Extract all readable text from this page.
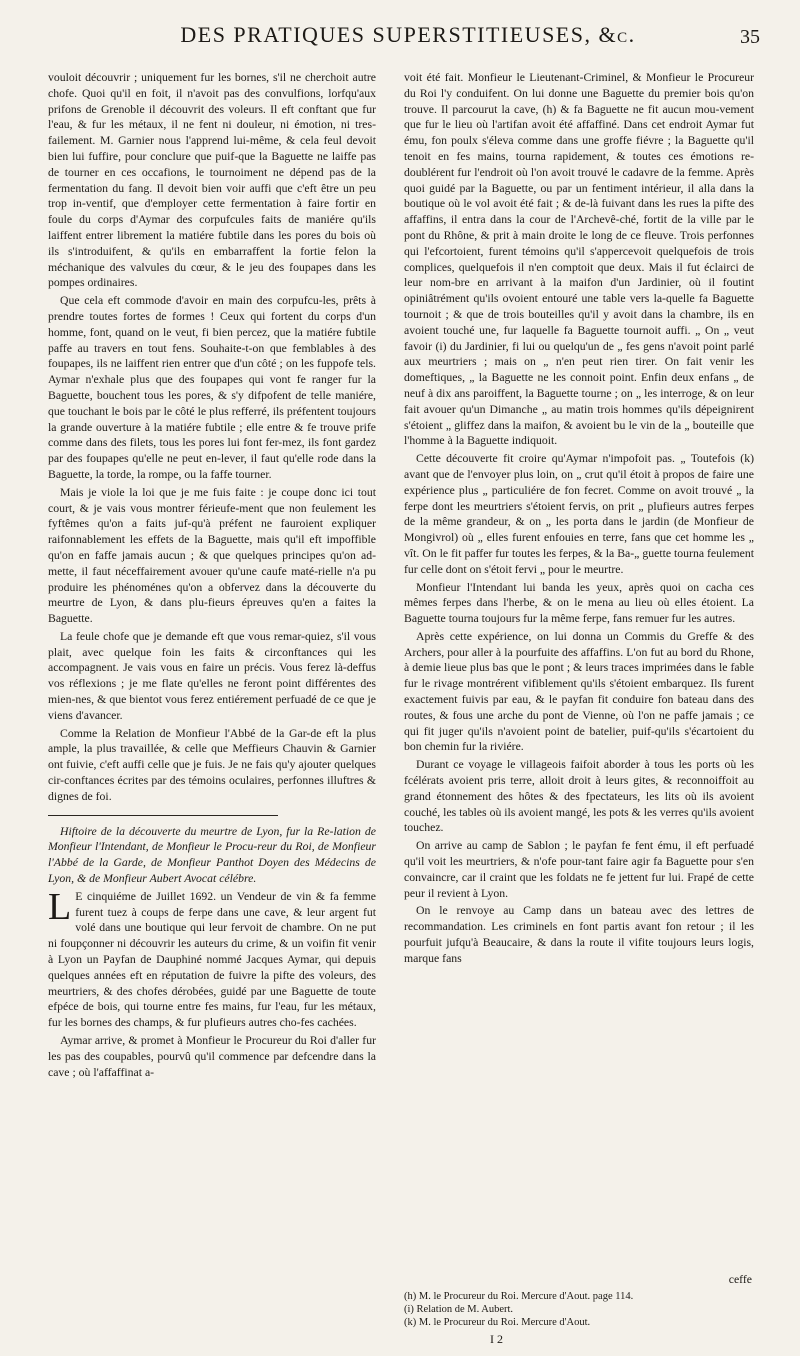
DES PRATIQUES SUPERSTITIEUSES, &c.	35

vouloit découvrir ; uniquement fur les bornes, s'il ne cherchoit autre chofe. Quoi qu'il en foit, il n'avoit pas des convulfions, lorfqu'aux prifons de Grenoble il découvrit des voleurs. Il eft conftant que fur l'eau, & fur les métaux, il ne fent ni douleur, ni émotion, ni tres-failement. M. Garnier nous l'apprend lui-même, & cela feul devoit bien lui fuffire, pour conclure que puif-que la Baguette ne laiffe pas de tourner en ces occafions, le tournoiment ne dépend pas de la fermentation du fang. Il devoit bien voir auffi que c'eft être un peu trop in-ventif, que d'employer cette fermentation à faire fortir en foule du corps d'Aymar des corpufcules faits de maniére qu'ils laiffent entrer librement la matiére fubtile dans les pores du bois où ils s'introduifent, & qu'ils en embarraffent la fortie felon la méchanique des valvules du cœur, & le jeu des foupapes dans les pompes ordinaires.

Que cela eft commode d'avoir en main des corpufcu-les, prêts à prendre toutes fortes de formes ! Ceux qui fortent du corps d'un homme, font, quand on le veut, fi bien percez, que la matiére fubtile paffe au travers en tout fens. Souhaite-t-on que femblables à des foupapes, ils ne laiffent rien entrer que d'un côté ; on les fuppofe tels. Aymar n'exhale plus que des foupapes qui vont fe ranger fur la Baguette, bouchent tous les pores, & s'y difpofent de telle maniére, que touchant le bois par le côté le plus refferré, ils préfentent toujours la grande ouverture à la matiére fubtile ; elle entre & fe trouve prife comme dans des filets, tous les pores lui font fer-mez, ils font gardez par des foupapes qu'elle ne peut en-lever, il faut qu'elle rode dans la Baguette, la torde, la rompe, ou la faffe tourner.

Mais je viole la loi que je me fuis faite : je coupe donc ici tout court, & je vais vous montrer férieufe-ment que non feulement les fyftêmes qu'on a faits juf-qu'à préfent ne fauroient expliquer raifonnablement les effets de la Baguette, mais qu'il eft impoffible qu'on en faffe jamais aucun ; & que quelques principes qu'on ad-mette, il faut néceffairement avouer qu'une caufe maté-rielle n'a pu produire les phénoménes qu'on a obfervez dans la découverte du meurtre de Lyon, & dans plu-fieurs épreuves qu'en a faites la Baguette.

La feule chofe que je demande eft que vous remar-quiez, s'il vous plait, avec quelque foin les faits & circonftances qui les accompagnent. Je vais vous en faire un précis. Vous ferez là-deffus vos réflexions ; je me flate qu'elles ne feront point différentes des mien-nes, & que bientot vous ferez entiérement perfuadé de ce que je viens d'avancer.

Comme la Relation de Monfieur l'Abbé de la Gar-de eft la plus ample, la plus travaillée, & celle que Meffieurs Chauvin & Garnier ont fuivie, c'eft auffi celle que je fuis. Je ne fais qu'y ajouter quelques cir-conftances écrites par des témoins oculaires, perfonnes illuftres & dignes de foi.

Hiftoire de la découverte du meurtre de Lyon, fur la Re-lation de Monfieur l'Intendant, de Monfieur le Procu-reur du Roi, de Monfieur l'Abbé de la Garde, de Monfieur Panthot Doyen des Médecins de Lyon, & de Monfieur Aubert Avocat célébre.

L E cinquiéme de Juillet 1692. un Vendeur de vin & fa femme furent tuez à coups de ferpe dans une cave, & leur argent fut volé dans une boutique qui leur fervoit de chambre. On ne put ni foupçonner ni découvrir les auteurs du crime, & un voifin fit venir à Lyon un Payfan de Dauphiné nommé Jacques Aymar, qui depuis quelques années eft en réputation de fuivre la pifte des voleurs, des meurtriers, & des chofes dérobées, guidé par une Baguette de toute efpéce de bois, qui tourne entre fes mains, fur l'eau, fur les métaux, fur les bornes des champs, & fur plufieurs autres cho-fes cachées.

Aymar arrive, & promet à Monfieur le Procureur du Roi d'aller fur les pas des coupables, pourvû qu'il commence par defcendre dans la cave ; où l'affaffinat a-

voit été fait. Monfieur le Lieutenant-Criminel, & Monfieur le Procureur du Roi l'y conduifent. On lui donne une Baguette du premier bois qu'on trouve. Il parcourut la cave, (h) & fa Baguette ne fit aucun mou-vement que fur le lieu où l'artifan avoit été affaffiné. Dans cet endroit Aymar fut ému, fon poulx s'éleva comme dans une groffe fiévre ; la Baguette qu'il tenoit en fes mains, tourna rapidement, & toutes ces émotions re-doublérent fur l'endroit où l'on avoit trouvé le cadavre de la femme. Après quoi guidé par la Baguette, ou par un fentiment intérieur, il alla dans la boutique où le vol avoit été fait ; & de-là fuivant dans les rues la pifte des affaffins, il entra dans la cour de l'Archevê-ché, fortit de la ville par le pont du Rhône, & prit à main droite le long de ce fleuve. Trois perfonnes qui l'efcortoient, furent témoins qu'il s'appercevoit quelquefois de trois complices, quelquefois il n'en comptoit que deux. Mais il fut éclairci de leur nom-bre en arrivant à la maifon d'un Jardinier, où il foutint opiniâtrément qu'ils ovoient entouré une table vers la-quelle fa Baguette tournoit ; & que de trois bouteilles qu'il y avoit dans la chambre, ils en avoient touché une, fur laquelle fa Baguette tournoit auffi. „ On „ veut favoir (i) du Jardinier, fi lui ou quelqu'un de „ fes gens n'avoit point parlé aux meurtriers ; mais on „ n'en peut rien tirer. On fait venir les domeftiques, „ la Baguette ne les connoit point. Enfin deux enfans „ de neuf à dix ans paroiffent, la Baguette tourne ; on „ les interroge, & on leur fait avouer qu'un Dimanche „ au matin trois hommes qu'ils dépeignirent s'étoient „ gliffez dans la maifon, & avoient bu le vin de la „ bouteille que l'homme à la Baguette indiquoit.

Cette découverte fit croire qu'Aymar n'impofoit pas. „ Toutefois (k) avant que de l'envoyer plus loin, on „ crut qu'il étoit à propos de faire une expérience plus „ particuliére de fon fecret. Comme on avoit trouvé „ la ferpe dont les meurtriers s'étoient fervis, on prit „ plufieurs autres ferpes de la même grandeur, & on „ les porta dans le jardin (de Monfieur de Mongivrol) où „ elles furent enfouies en terre, fans que cet homme les „ vît. On le fit paffer fur toutes les ferpes, & la Ba-„ guette tourna feulement fur celle dont on s'étoit fervi „ pour le meurtre.

Monfieur l'Intendant lui banda les yeux, après quoi on cacha ces mêmes ferpes dans l'herbe, & on le mena au lieu où elles étoient. La Baguette tourna toujours fur la même ferpe, fans remuer fur les autres.

Après cette expérience, on lui donna un Commis du Greffe & des Archers, pour aller à la pourfuite des affaffins. L'on fut au bord du Rhone, à demie lieue plus bas que le pont ; & leurs traces imprimées dans le fable fur le rivage montrérent vifiblement qu'ils s'étoient embarquez. Ils furent exactement fuivis par eau, & le payfan fit conduire fon bateau dans des routes, & fous une arche du pont de Vienne, où l'on ne paffe jamais ; ce qui fit juger qu'ils n'avoient point de batelier, puif-qu'ils s'écartoient du bon chemin fur la riviére.

Durant ce voyage le villageois faifoit aborder à tous les ports où les fcélérats avoient pris terre, alloit droit à leurs gites, & reconnoiffoit au grand étonnement des hôtes & des fpectateurs, les lits où ils avoient couché, les tables où ils avoient mangé, les pots & les verres qu'ils avoient touchez.

On arrive au camp de Sablon ; le payfan fe fent ému, il eft perfuadé qu'il voit les meurtriers, & n'ofe pour-tant faire agir fa Baguette pour s'en convaincre, car il craint que les foldats ne fe jettent fur lui. Frapé de cette peur il revient à Lyon.

On le renvoye au Camp dans un bateau avec des lettres de recommandation. Les criminels en font partis avant fon retour ; il les pourfuit jufqu'à Beaucaire, & dans la route il vifite toujours leurs logis, marque fans

ceffe
(h) M. le Procureur du Roi. Mercure d'Aout. page 114.
(i) Relation de M. Aubert.
(k) M. le Procureur du Roi. Mercure d'Aout.
I 2
